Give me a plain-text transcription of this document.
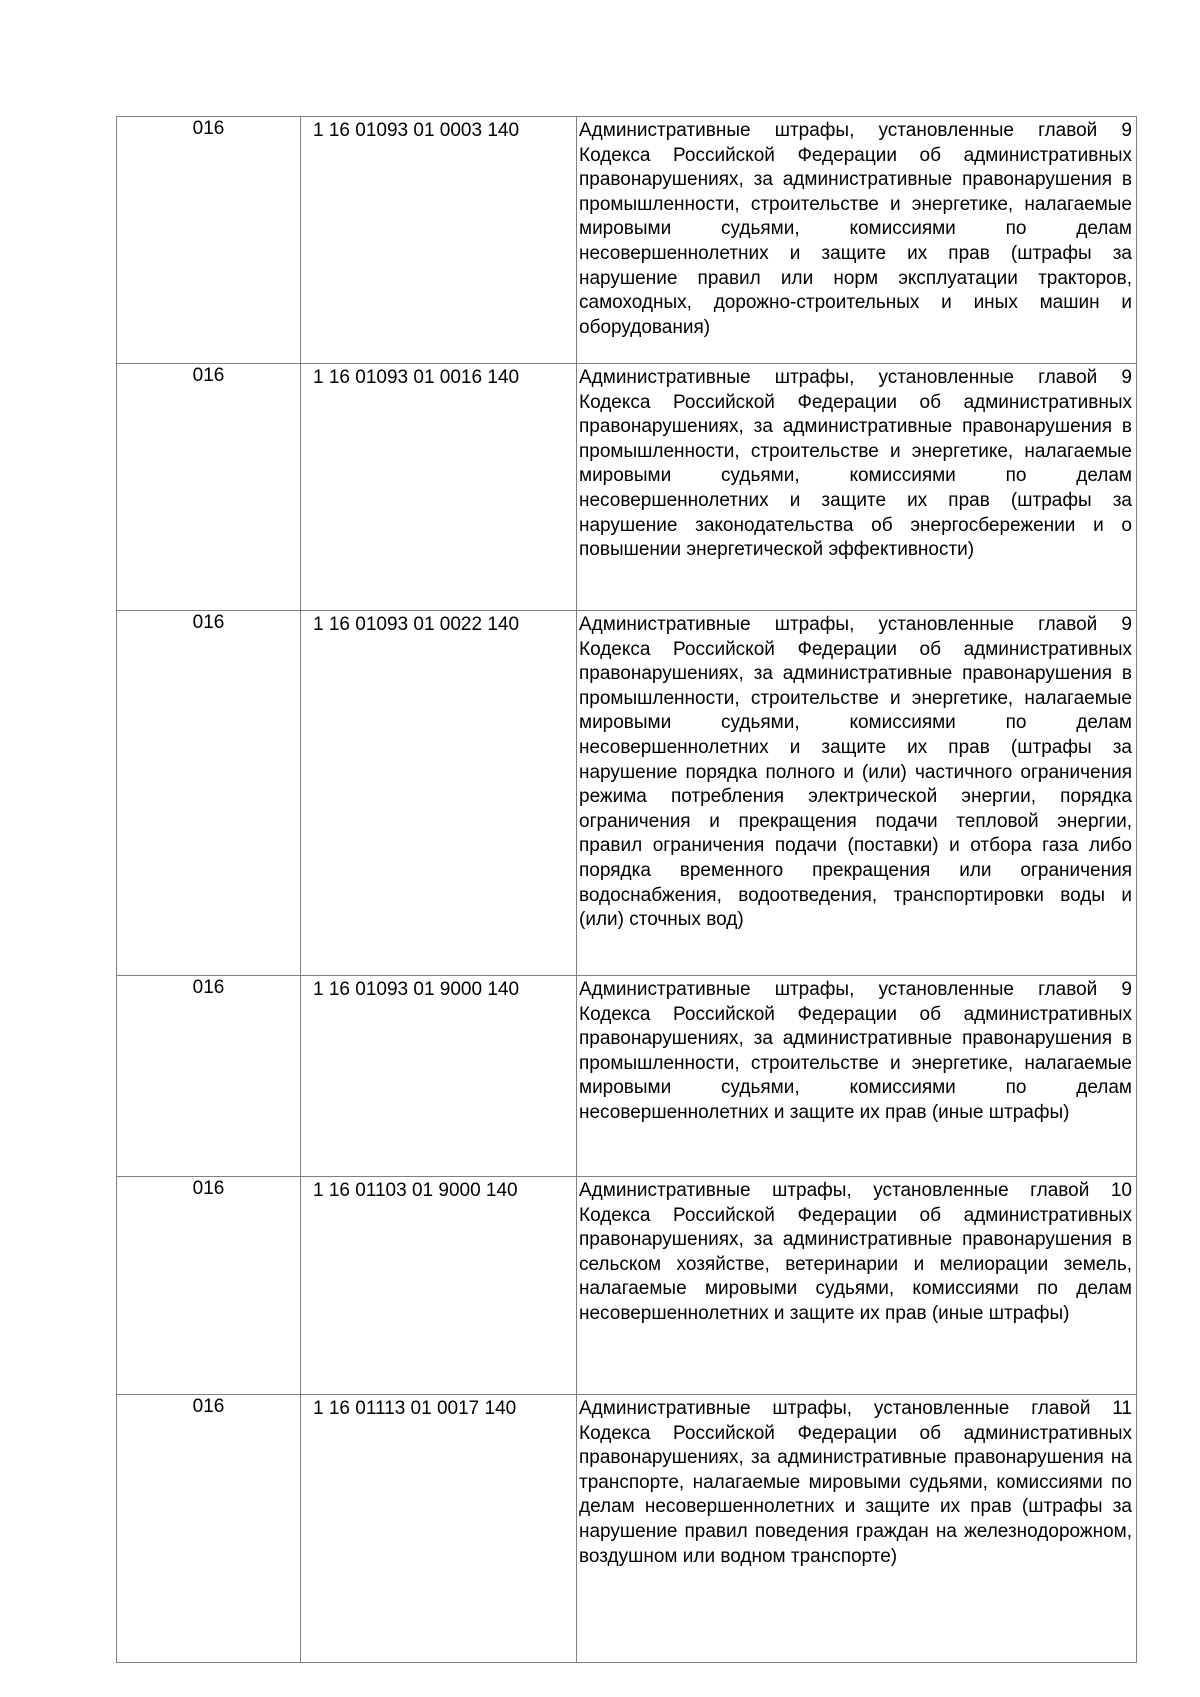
016	1 16 01093 01 0003 140	Административные штрафы, установленные главой 9 Кодекса Российской Федерации об административных правонарушениях, за административные правонарушения в промышленности, строительстве и энергетике, налагаемые мировыми судьями, комиссиями по делам несовершеннолетних и защите их прав (штрафы за нарушение правил или норм эксплуатации тракторов, самоходных, дорожно-строительных и иных машин и оборудования)
016	1 16 01093 01 0016 140	Административные штрафы, установленные главой 9 Кодекса Российской Федерации об административных правонарушениях, за административные правонарушения в промышленности, строительстве и энергетике, налагаемые мировыми судьями, комиссиями по делам несовершеннолетних и защите их прав (штрафы за нарушение законодательства об энергосбережении и о повышении энергетической эффективности)
016	1 16 01093 01 0022 140	Административные штрафы, установленные главой 9 Кодекса Российской Федерации об административных правонарушениях, за административные правонарушения в промышленности, строительстве и энергетике, налагаемые мировыми судьями, комиссиями по делам несовершеннолетних и защите их прав (штрафы за нарушение порядка полного и (или) частичного ограничения режима потребления электрической энергии, порядка ограничения и прекращения подачи тепловой энергии, правил ограничения подачи (поставки) и отбора газа либо порядка временного прекращения или ограничения водоснабжения, водоотведения, транспортировки воды и (или) сточных вод)
016	1 16 01093 01 9000 140	Административные штрафы, установленные главой 9 Кодекса Российской Федерации об административных правонарушениях, за административные правонарушения в промышленности, строительстве и энергетике, налагаемые мировыми судьями, комиссиями по делам несовершеннолетних и защите их прав (иные штрафы)
016	1 16 01103 01 9000 140	Административные штрафы, установленные главой 10 Кодекса Российской Федерации об административных правонарушениях, за административные правонарушения в сельском хозяйстве, ветеринарии и мелиорации земель, налагаемые мировыми судьями, комиссиями по делам несовершеннолетних и защите их прав (иные штрафы)
016	1 16 01113 01 0017 140	Административные штрафы, установленные главой 11 Кодекса Российской Федерации об административных правонарушениях, за административные правонарушения на транспорте, налагаемые мировыми судьями, комиссиями по делам несовершеннолетних и защите их прав (штрафы за нарушение правил поведения граждан на железнодорожном, воздушном или водном транспорте)
